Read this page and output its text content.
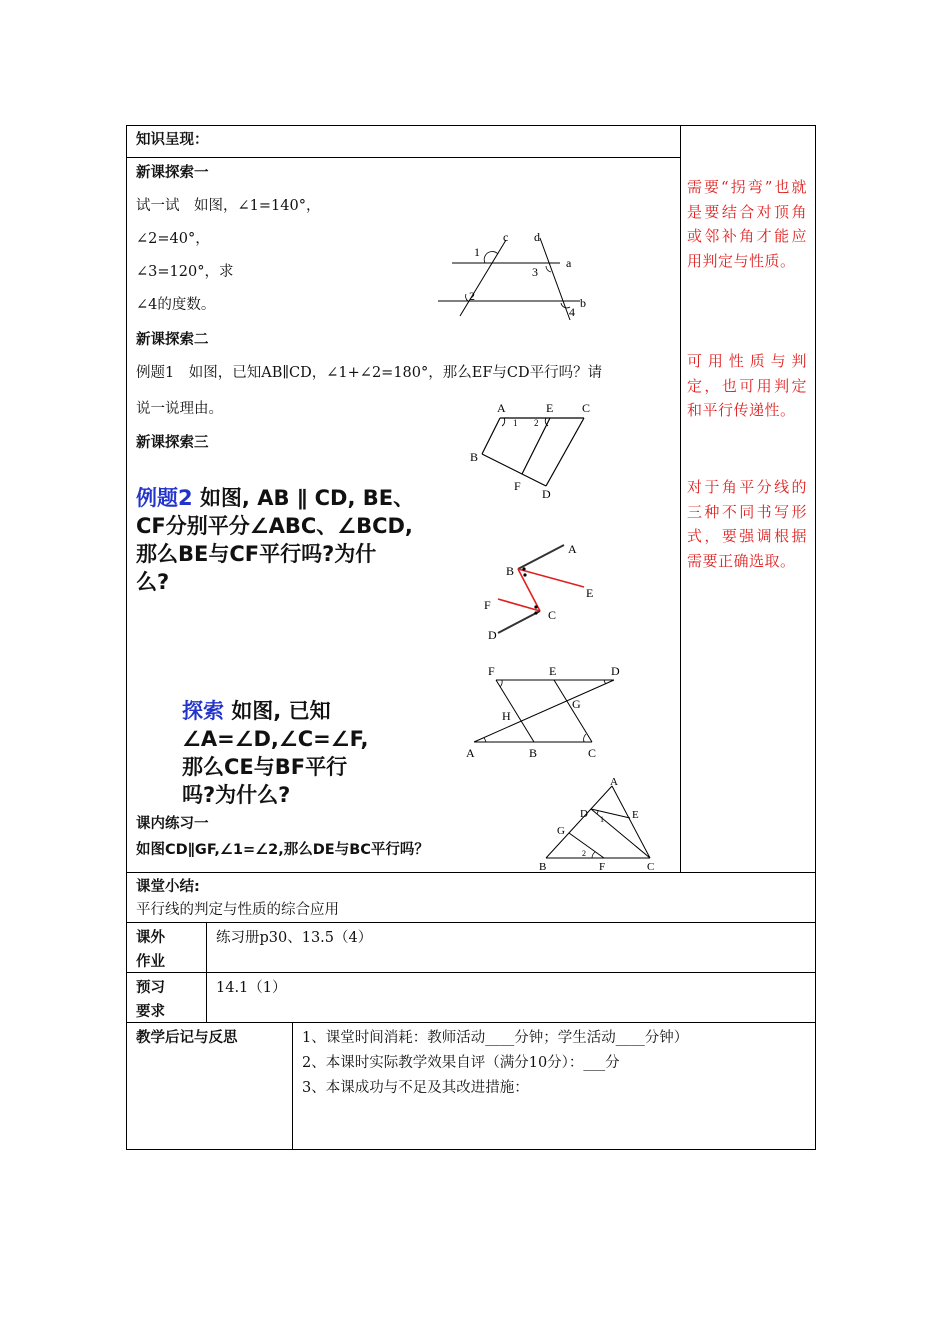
知识呈现：
新课探索一
试一试　如图，∠1=140°，
∠2=40°，
∠3=120°，求
∠4的度数。
1
c d
a
3
2	b
4
新课探索二
例题1　如图，已知AB∥CD，∠1+∠2=180°，那么EF与CD平行吗？请
说一说理由。	A	E C
1 2
B
F
D
新课探索三
例题2 如图, AB ∥ CD, BE、
CF分别平分∠ABC、∠BCD,
那么BE与CF平行吗?为什
么?
A
B
E
F
C
D
F	E	D
H
G
A	B	C
探索 如图, 已知
∠A=∠D,∠C=∠F,
那么CE与BF平行
吗?为什么?
课内练习一
如图CD∥GF,∠1=∠2,那么DE与BC平行吗？
A
D	E
1
G
2
B	F	C
需要“拐弯”也就是要结合对顶角或邻补角才能应用判定与性质。
可用性质与判定，也可用判定和平行传递性。
对于角平分线的三种不同书写形式，要强调根据需要正确选取。
课堂小结:
平行线的判定与性质的综合应用
课外
作业
练习册p30、13.5（4）
预习
要求
14.1（1）
教学后记与反思	1、课堂时间消耗：教师活动____分钟；学生活动____分钟）
2、本课时实际教学效果自评（满分10分）：___分
3、本课成功与不足及其改进措施：
